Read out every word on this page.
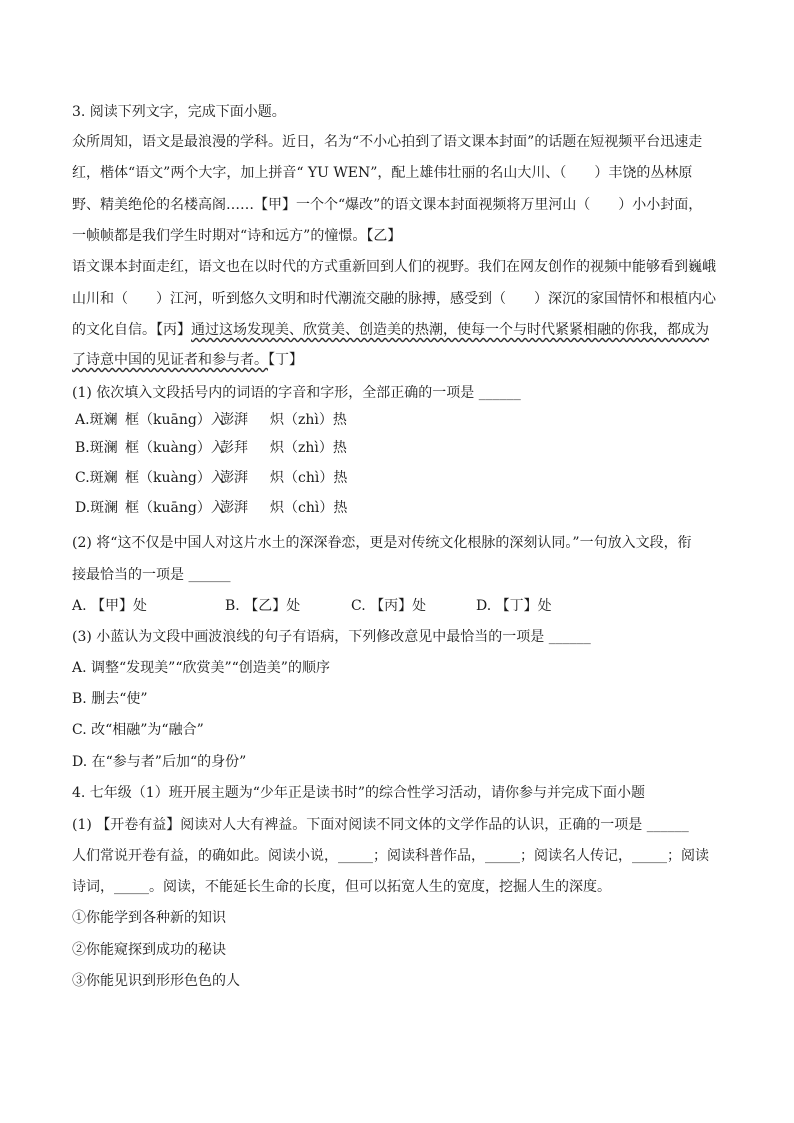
3. 阅读下列文字，完成下面小题。
众所周知，语文是最浪漫的学科。近日，名为“不小心拍到了语文课本封面”的话题在短视频平台迅速走
红，楷体“语文”两个大字，加上拼音“ YU WEN”，配上雄伟壮丽的名山大川、（　　）丰饶的丛林原
野、精美绝伦的名楼高阁……【甲】一个个“爆改”的语文课本封面视频将万里河山（　　）小小封面，
一帧帧都是我们学生时期对“诗和远方”的憧憬。【乙】
语文课本封面走红，语文也在以时代的方式重新回到人们的视野。我们在网友创作的视频中能够看到巍峨
山川和（　　）江河，听到悠久文明和时代潮流交融的脉搏，感受到（　　）深沉的家国情怀和根植内心
的文化自信。【丙】通过这场发现美、欣赏美、创造美的热潮，使每一个与时代紧紧相融的你我，都成为
了诗意中国的见证者和参与者。【丁】
(1) 依次填入文段括号内的词语的字音和字形，全部正确的一项是 ______
A.斑斓 框（kuāng）入澎湃 炽（zhì）热
B.斑澜 框（kuàng）入彭拜 炽（zhì）热
C.斑斓 框（kuàng）入澎湃 炽（chì）热
D.斑澜 框（kuāng）入澎湃 炽（chì）热
(2) 将“这不仅是中国人对这片水土的深深眷恋，更是对传统文化根脉的深刻认同。”一句放入文段，衔
接最恰当的一项是 ______
A. 【甲】处	B. 【乙】处	C. 【丙】处	D. 【丁】处
(3) 小蓝认为文段中画波浪线的句子有语病，下列修改意见中最恰当的一项是 ______
A. 调整“发现美”“欣赏美”“创造美”的顺序
B. 删去“使”
C. 改“相融”为“融合”
D. 在“参与者”后加“的身份”
4. 七年级（1）班开展主题为“少年正是读书时”的综合性学习活动，请你参与并完成下面小题
(1) 【开卷有益】阅读对人大有裨益。下面对阅读不同文体的文学作品的认识，正确的一项是 ______
人们常说开卷有益，的确如此。阅读小说，_____；阅读科普作品，_____；阅读名人传记，_____；阅读
诗词，_____。阅读，不能延长生命的长度，但可以拓宽人生的宽度，挖掘人生的深度。
①你能学到各种新的知识
②你能窥探到成功的秘诀
③你能见识到形形色色的人
